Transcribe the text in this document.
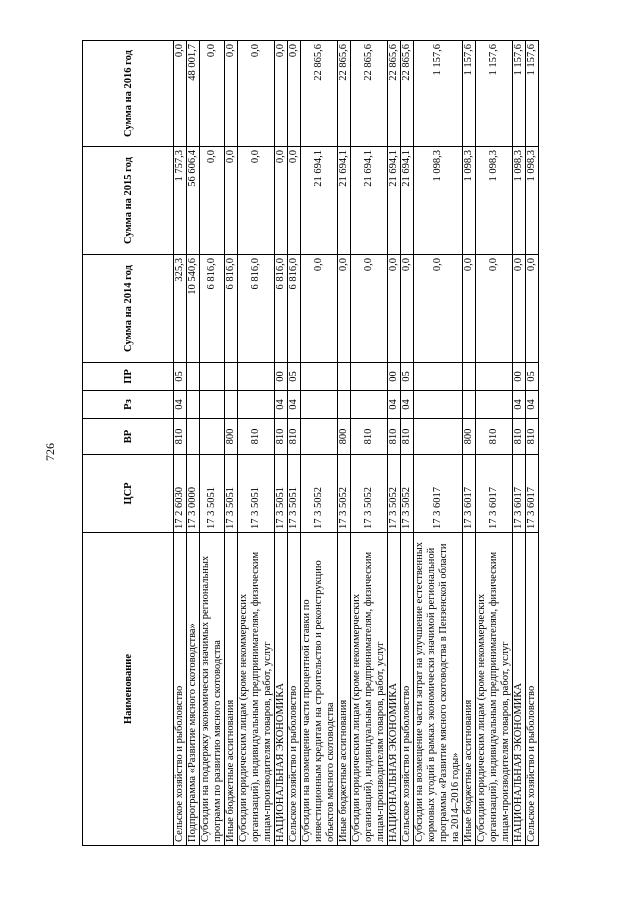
726
Наименование	ЦСР	ВР	Рз	ПР	Сумма на 2014 год	Сумма на 2015 год	Сумма на 2016 год
Сельское хозяйство и рыболовство	17 2 6030	810	04	05	325,3	1 757,3	0,0
Подпрограмма «Развитие мясного скотоводства»	17 3 0000				10 540,6	56 606,4	48 001,7
Субсидии на поддержку экономически значимых региональных программ по развитию мясного скотоводства	17 3 5051				6 816,0	0,0	0,0
Иные бюджетные ассигнования	17 3 5051	800			6 816,0	0,0	0,0
Субсидии юридическим лицам (кроме некоммерческих организаций), индивидуальным предпринимателям, физическим лицам-производителям товаров, работ, услуг	17 3 5051	810			6 816,0	0,0	0,0
НАЦИОНАЛЬНАЯ ЭКОНОМИКА	17 3 5051	810	04	00	6 816,0	0,0	0,0
Сельское хозяйство и рыболовство	17 3 5051	810	04	05	6 816,0	0,0	0,0
Субсидии на возмещение части процентной ставки по инвестиционным кредитам на строительство и реконструкцию объектов мясного скотоводства	17 3 5052				0,0	21 694,1	22 865,6
Иные бюджетные ассигнования	17 3 5052	800			0,0	21 694,1	22 865,6
Субсидии юридическим лицам (кроме некоммерческих организаций), индивидуальным предпринимателям, физическим лицам-производителям товаров, работ, услуг	17 3 5052	810			0,0	21 694,1	22 865,6
НАЦИОНАЛЬНАЯ ЭКОНОМИКА	17 3 5052	810	04	00	0,0	21 694,1	22 865,6
Сельское хозяйство и рыболовство	17 3 5052	810	04	05	0,0	21 694,1	22 865,6
Субсидии на возмещение части затрат на улучшение естественных кормовых угодий в рамках экономически значимой региональной программы «Развитие мясного скотоводства в Пензенской области на 2014–2016 годы»	17 3 6017				0,0	1 098,3	1 157,6
Иные бюджетные ассигнования	17 3 6017	800			0,0	1 098,3	1 157,6
Субсидии юридическим лицам (кроме некоммерческих организаций), индивидуальным предпринимателям, физическим лицам-производителям товаров, работ, услуг	17 3 6017	810			0,0	1 098,3	1 157,6
НАЦИОНАЛЬНАЯ ЭКОНОМИКА	17 3 6017	810	04	00	0,0	1 098,3	1 157,6
Сельское хозяйство и рыболовство	17 3 6017	810	04	05	0,0	1 098,3	1 157,6
